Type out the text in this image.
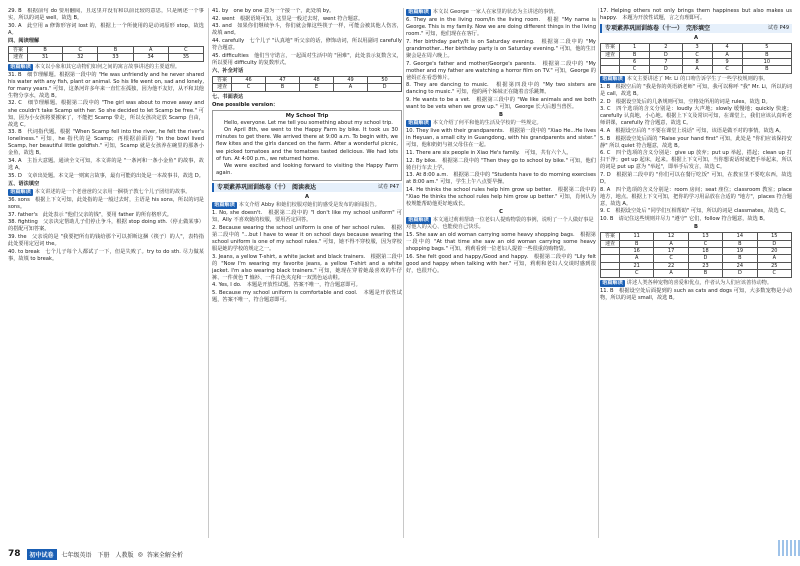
29. B　根据前句 do 要用翻阅，且这里并没有和以前比较的意思，只是阐述一个事实，所以的词是 well，故选 B。

30. A　此空用 a 修饰形容词 lost 的，根据上一个所使用的是动词原形 stop，故选 A。

四、阅读理解
答案	B	C	B	A	C
速查	31	32	33	34	35
语篇解读 本文以小象和其它动物们如何之间的寓言故事讲述的主要道理。

31. B　细节理解题。根据第一段中的 "He was unfriendly and he never shared his water with any fish, plant or animal. So his life went on, sad and lonely, for many years." 可知，这条河许多年来一直忙在孤独，因为他不友好，从不和其他生物分享水，故选 B。

32. C　细节理解题。根据第二段中的 "The girl was about to move away and she couldn't take Scamp with her. So she decided to let Scamp be free." 可知，因为小女孩将要搬家了，不能把 Scamp 带走，所以女孩决定放 Scamp 自由，故选 C。

33. B　代词指代题。根据 "When Scamp fell into the river, he felt the river's loneliness." 可知，he 指代的是 Scamp；再根据前面的 "In the bowl lived Scamp, her beautiful little goldfish." 可知，Scamp 就是女孩养在碗里的那条小金鱼，故选 B。

34. A　主旨大意题。通读全文可知，本文讲的是 "一条河和一条小金鱼" 的故事，故选 A。

35. D　文章出处题。本文是一则寓言故事，最有可能的出处是一本故事书，故选 D。

五、语法填空
语篇解读 本文讲述的是一个老爸爸的父亲用一捆筷子教七个儿子团结的故事。

36. sons　根据上下文可知，此处指的是一般过去时，主语是 his sons，所以的词是 sons。

37. father's　此处表示 "他们父亲的钱"，要用 father 的所有格形式。

38. fighting　父亲决定帮助儿子们停止争斗，根据 stop doing sth.（停止做某事）的搭配可知答案。

39. the　父亲说的是 "我要把所有的钱给那个可以折断这捆（筷子）的人"，表特指此处要用定冠词 the。

40. to break　七个儿子每个人都试了一下，但是失败了。try to do sth. 尽力做某事，故填 to break。

41. by　one by one 意为一个接一个，此处填 by。

42. went　根据语境可知，这里是一般过去时，went 符合题意。

43. and　如果你们继续争斗，你们就会像这些筷子一样，可能会被其他人伤害，故填 and。

44. carefully　七个儿子 "认真地" 听父亲的话，修饰动词，所以用副词 carefully 符合题意。

45. difficulties　他们当守诺言，一起面对生活中的 "困难"，此处表示复数含义，所以要用 difficulty 的复数形式。

六、补全对话
答案	46	47	48	49	50
速查	C	B	E	A	D
七、书面表达
One possible version：
My School Trip

Hello, everyone. Let me tell you something about my school trip.

On April 8th, we went to the Happy Farm by bike. It took us 30 minutes to get there. We arrived there at 9:00 a.m. To begin with, we flew kites and the girls danced on the farm. After a wonderful picnic, we picked tomatoes and the tomatoes tasted delicious. We had lots of fun. At 4:00 p.m., we returned home.

We were excited and looking forward to visiting the Happy Farm again.

专项素养巩固训练卷（十）　阅读表达	试卷 P47
A
语篇解读 本文介绍 Abby 和她们校服对她们的感受是发布的新闻报告。

1. No, she doesn't.　根据第二段中的 "I don't like my school uniform" 可知，Ally 不喜欢她的校服，要用否定回答。

2. Because wearing the school uniform is one of her school rules.　根据第二段中的 "...but I have to wear it on school days because wearing the school uniform is one of my school rules." 可知，她不得不穿校服，因为穿校服是她的学校的规定之一。

3. Jeans, a yellow T-shirt, a white jacket and black trainers.　根据第二段中的 "Now I'm wearing my favorite jeans, a yellow T-shirt and a white jacket. I'm also wearing black trainers." 可知，她现在穿着她最喜欢的牛仔裤、一件黄色 T 恤衫、一件白色夹克和一双黑色运动鞋。

4. Yes, I do.　本题是开放性试题，答案不唯一，符合题意即可。

5. Because my school uniform is comfortable and cool.　本题是开放性试题，答案不唯一，符合题意即可。

语篇解读 本文以 George 一家人在家里的状态为主讲述的事情。

6. They are in the living room/In the living room.　根据 "My name is George. This is my family. Now we are doing different things in the living room." 可知，他们现在在客厅。

7. Her birthday party/It is on Saturday evening.　根据第二段中的 "My grandmother...Her birthday party is on Saturday evening." 可知，他的生日聚会是在周六晚上。

7. George's father and mother/George's parents.　根据第二段中的 "My mother and my father are watching a horror film on TV." 可知，George 的爸妈正在看恐怖片。

8. They are dancing to music.　根据第四段中的 "My two sisters are dancing to music." 可知，他的两个姊妹正在随着音乐跳舞。

9. He wants to be a vet.　根据第三段中的 "We like animals and we both want to be vets when we grow up." 可知，George 长大后想当兽医。

B
语篇解读 本文介绍了何平和他的生活及学校的一些规定。

10. They live with their grandparents.　根据第一段中的 "Xiao He...He lives in Heyuan, a small city in Guangdong, with his grandparents and sister." 可知，他和奶奶与祖父母住在一起。

11. There are six people in Xiao He's family.　可知，共有六个人。

12. By bike.　根据第二段中的 "Then they go to school by bike." 可知，他们骑自行车去上学。

13. At 8:00 a.m.　根据第二段中的 "Students have to do morning exercises at 8:00 am." 可知，学生上午八点要早操。

14. He thinks the school rules help him grow up better.　根据第二段中的 "Xiao He thinks the school rules help him grow up better." 可知，肖何认为校规能帮助他更好地成长。

C
语篇解读 本文通过莉莉帮助一位老妇人提购物袋的事例，说明了一个人做好事是对他人的关心、也能使自己快乐。

15. She saw an old woman carrying some heavy shopping bags.　根据第一段中的 "At that time she saw an old woman carrying some heavy shopping bags." 可知，莉莉看到一位老妇人提着一些很重的购物袋。

16. She felt good and happy./Good and happy.　根据第二段中的 "Lily felt good and happy when talking with her." 可知，莉莉和老妇人交谈时感到很好，也很开心。

17. Helping others not only brings them happiness but also makes us happy.　本题为开放性试题，言之有理即可。

专项素养巩固训练卷（十一）　完形填空	试卷 P49
A
答案	1	2	3	4	5
速查	B	D	C	A	B
	6	7	8	9	10
	C	D	A	C	B
语篇解读 本文主要讲述了 Mr. Li 的口吻告诉学生了一些学校规则的事。

1. B　根据空后的 "我是你的英语新老师" 可知，我可以称呼 "我" Mr. Li，所以的词是 call，故选 B。

2. D　根据设空处后的几条规则可知，空格处所用的词是 rules，故选 D。

3. C　四个选项的含义分别是：loudly 大声地；slowly 缓慢地；quickly 快速；carefully 认真地，小心地。根据上下文及常识可知，在课堂上，我们应该认真听老师讲课，carefully 符合题意，故选 C。

4. A　根据设空后的 "不要在课堂上说话" 可知，该语是做不对的事情，故选 A。

5. B　根据设空处后面的 "Raise your hand first" 可知，此处是 "你们应该保持安静" 所以 quiet 符合题意，故选 B。

6. C　四个选项的含义分别是：give up 放弃；put up 举起，搭起；clean up 打扫干净；get up 起床，起来。根据上下文可知，当你想说话时就把手举起来，所以的词是 put up 意为 "举起"，即举手后发言，故选 C。

7. D　根据第二段中的 "你们可以在餐厅吃饭" 可知，在教室里不要吃东西，故选 D。

8. A　四个选项的含义分别是：room 房间；seat 座位；classroom 教室；place 地方，地点。根据上下文可知，把你的学习用品放在合适的 "地方"，places 符合题意，故选 A。

9. C　根据设空处后 "同学们互相帮助" 可知，所以的词是 classmates，故选 C。

10. B　请记住这些规则并尽力 "遵守" 它们，follow 符合题意，故选 B。

B
答案	11	12	13	14	15
速查	B	A	C	B	D
	16	17	18	19	20
	A	C	D	B	A
	21	22	23	24	25
	C	A	B	D	C
语篇解读 讲述人类各种宠物的喜爱和优点，作者认为人们应该善待动物。

11. B　根据设空处后面提到的 such as cats and dogs 可知，大多数宠物是小动物，所以的词是 small，故选 B。

78	初中试卷	七年级英语　下册　人教版 ◎ 答案全解全析
